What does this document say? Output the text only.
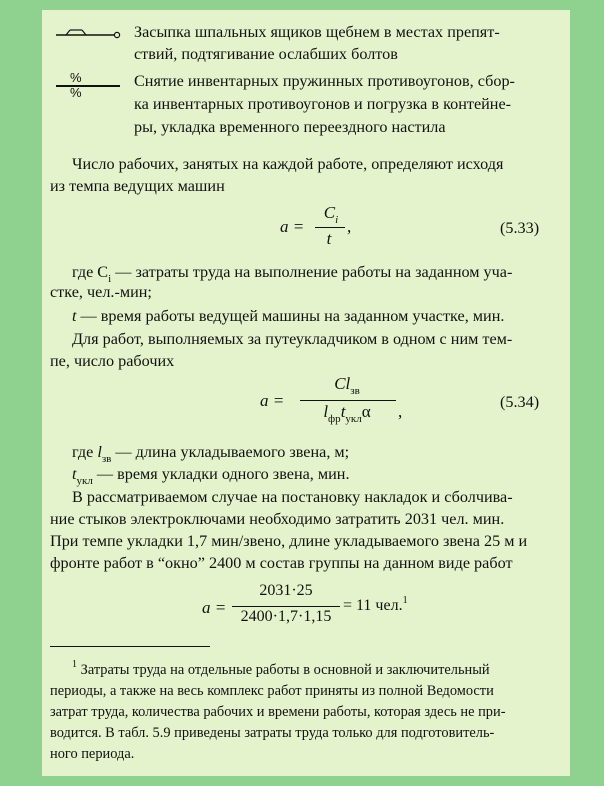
Засыпка шпальных ящиков щебнем в местах препят-
ствий, подтягивание ослабших болтов
% %
Снятие инвентарных пружинных противоугонов, сбор-
ка инвентарных противоугонов и погрузка в контейне-
ры, укладка временного переездного настила
Число рабочих, занятых на каждой работе, определяют исходя
из темпа ведущих машин
a =
$C_i$
t
,	(5.33)
где $C_i$ — затраты труда на выполнение работы на заданном уча-
стке, чел.-мин;
t — время работы ведущей машины на заданном участке, мин.
Для работ, выполняемых за путеукладчиком в одном с ним тем-
пе, число рабочих
a =
$Cl_{зв}$
$l_{фр}t_{укл}\alpha$	,	(5.34)
где $l_{зв}$ — длина укладываемого звена, м;
$t_{укл}$ — время укладки одного звена, мин.
В рассматриваемом случае на постановку накладок и сболчива-
ние стыков электроключами необходимо затратить 2031 чел. мин.
При темпе укладки 1,7 мин/звено, длине укладываемого звена 25 м и
фронте работ в “окно” 2400 м состав группы на данном виде работ
a =
2031·25
2400·1,7·1,15
= 11 чел.$^1$
$^1$ Затраты труда на отдельные работы в основной и заключительный
периоды, а также на весь комплекс работ приняты из полной Ведомости
затрат труда, количества рабочих и времени работы, которая здесь не при-
водится. В табл. 5.9 приведены затраты труда только для подготовитель-
ного периода.
